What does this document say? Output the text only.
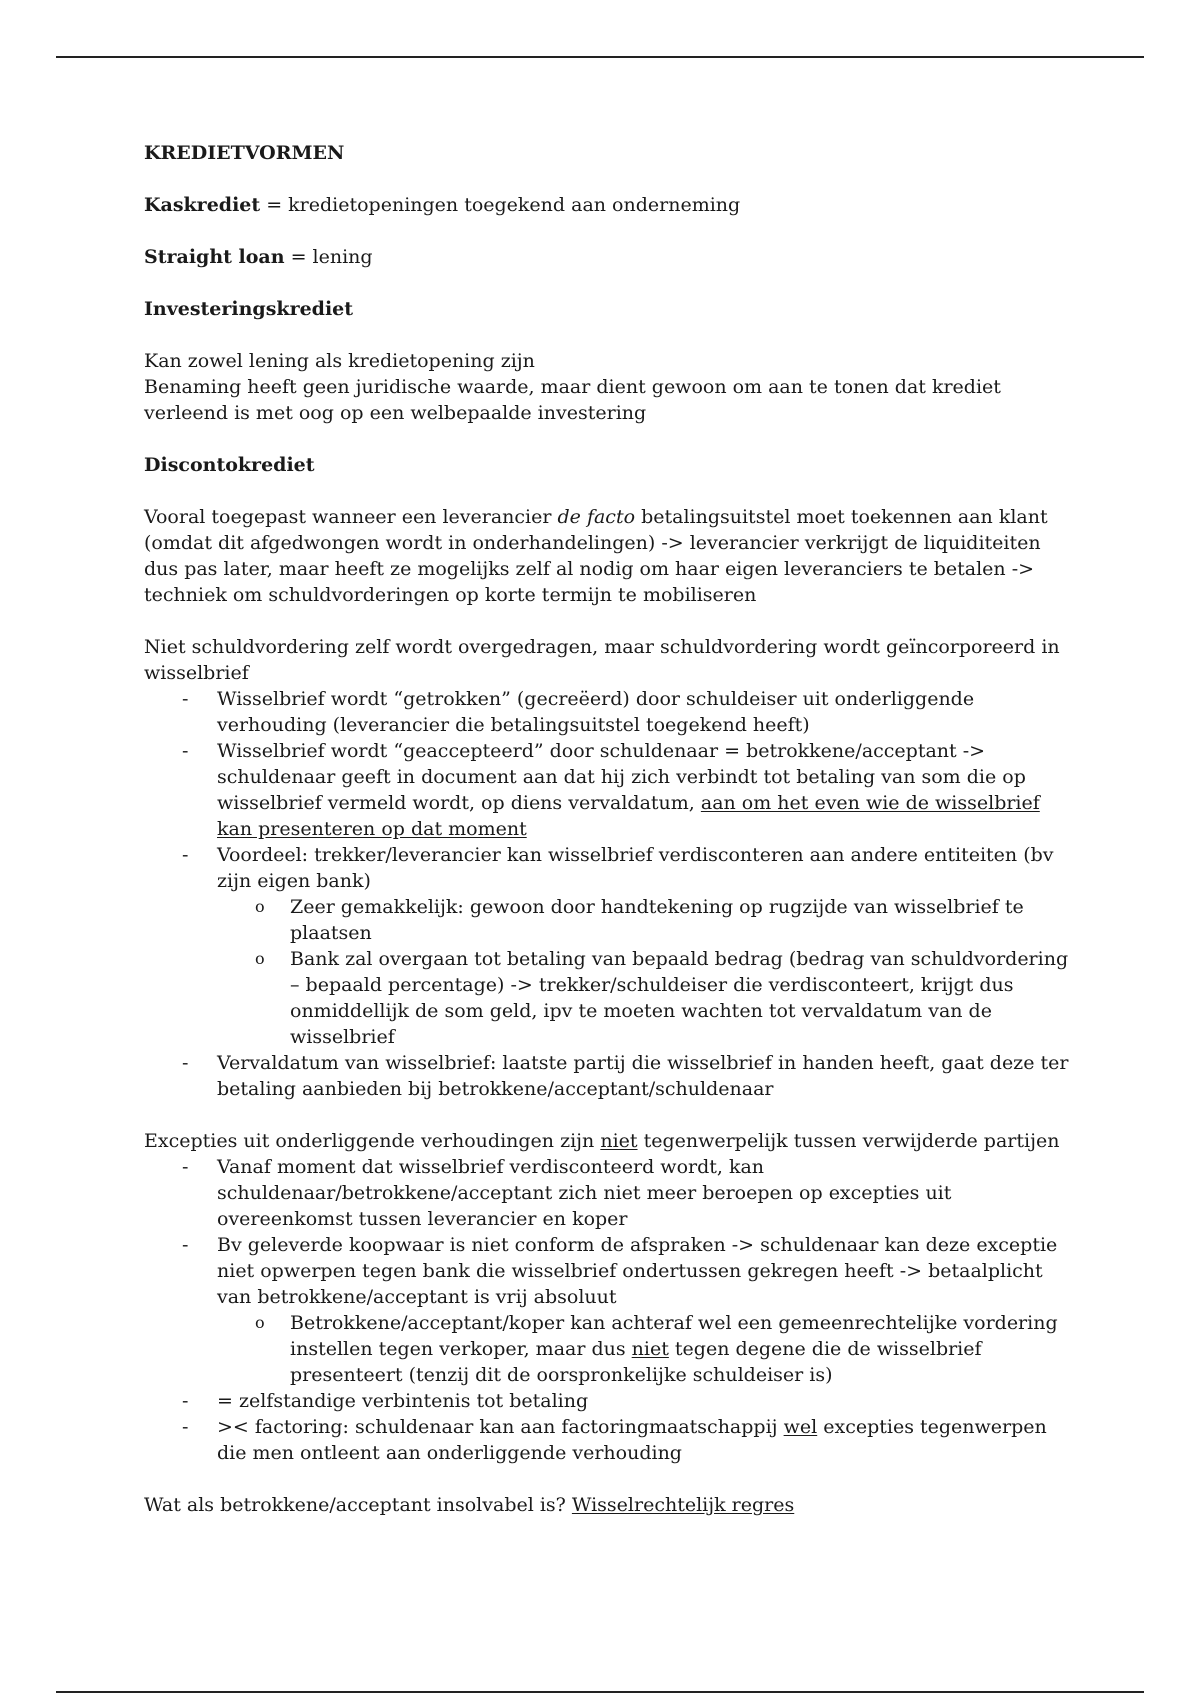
KREDIETVORMEN

Kaskrediet = kredietopeningen toegekend aan onderneming

Straight loan = lening

Investeringskrediet

Kan zowel lening als kredietopening zijn

Benaming heeft geen juridische waarde, maar dient gewoon om aan te tonen dat krediet verleend is met oog op een welbepaalde investering

Discontokrediet

Vooral toegepast wanneer een leverancier de facto betalingsuitstel moet toekennen aan klant (omdat dit afgedwongen wordt in onderhandelingen) -> leverancier verkrijgt de liquiditeiten dus pas later, maar heeft ze mogelijks zelf al nodig om haar eigen leveranciers te betalen -> techniek om schuldvorderingen op korte termijn te mobiliseren

Niet schuldvordering zelf wordt overgedragen, maar schuldvordering wordt geïncorporeerd in wisselbrief

- Wisselbrief wordt “getrokken” (gecreëerd) door schuldeiser uit onderliggende verhouding (leverancier die betalingsuitstel toegekend heeft)
- Wisselbrief wordt “geaccepteerd” door schuldenaar = betrokkene/acceptant -> schuldenaar geeft in document aan dat hij zich verbindt tot betaling van som die op wisselbrief vermeld wordt, op diens vervaldatum, aan om het even wie de wisselbrief kan presenteren op dat moment
- Voordeel: trekker/leverancier kan wisselbrief verdisconteren aan andere entiteiten (bv zijn eigen bank)
o Zeer gemakkelijk: gewoon door handtekening op rugzijde van wisselbrief te plaatsen
o Bank zal overgaan tot betaling van bepaald bedrag (bedrag van schuldvordering – bepaald percentage) -> trekker/schuldeiser die verdisconteert, krijgt dus onmiddellijk de som geld, ipv te moeten wachten tot vervaldatum van de wisselbrief
- Vervaldatum van wisselbrief: laatste partij die wisselbrief in handen heeft, gaat deze ter betaling aanbieden bij betrokkene/acceptant/schuldenaar

Excepties uit onderliggende verhoudingen zijn niet tegenwerpelijk tussen verwijderde partijen

- Vanaf moment dat wisselbrief verdisconteerd wordt, kan schuldenaar/betrokkene/acceptant zich niet meer beroepen op excepties uit overeenkomst tussen leverancier en koper
- Bv geleverde koopwaar is niet conform de afspraken -> schuldenaar kan deze exceptie niet opwerpen tegen bank die wisselbrief ondertussen gekregen heeft -> betaalplicht van betrokkene/acceptant is vrij absoluut
o Betrokkene/acceptant/koper kan achteraf wel een gemeenrechtelijke vordering instellen tegen verkoper, maar dus niet tegen degene die de wisselbrief presenteert (tenzij dit de oorspronkelijke schuldeiser is)
- = zelfstandige verbintenis tot betaling
- >< factoring: schuldenaar kan aan factoringmaatschappij wel excepties tegenwerpen die men ontleent aan onderliggende verhouding

Wat als betrokkene/acceptant insolvabel is? Wisselrechtelijk regres
